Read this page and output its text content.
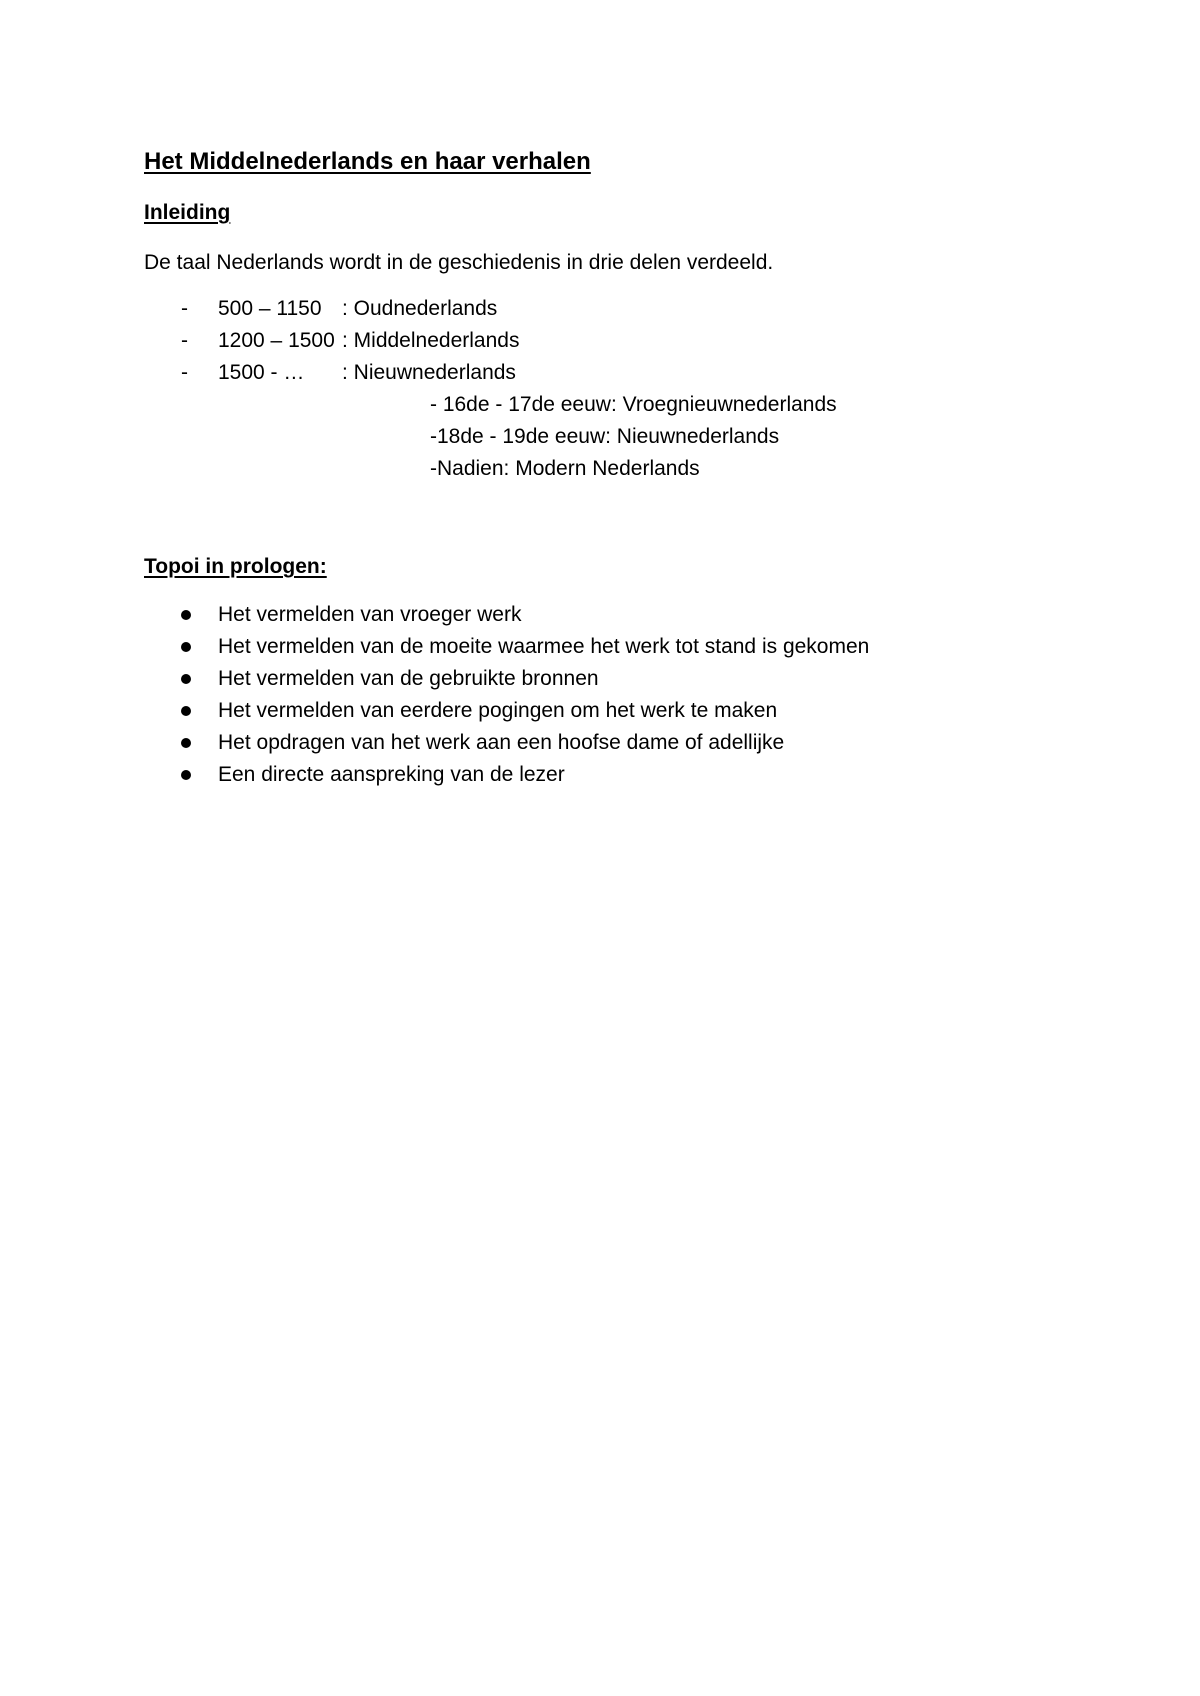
Het Middelnederlands en haar verhalen
Inleiding

De taal Nederlands wordt in de geschiedenis in drie delen verdeeld.

- 500 – 1150 : Oudnederlands
- 1200 – 1500 : Middelnederlands
- 1500 - … : Nieuwnederlands
- 16de - 17de eeuw: Vroegnieuwnederlands
-18de - 19de eeuw: Nieuwnederlands
-Nadien: Modern Nederlands
Topoi in prologen:
Het vermelden van vroeger werk
Het vermelden van de moeite waarmee het werk tot stand is gekomen
Het vermelden van de gebruikte bronnen
Het vermelden van eerdere pogingen om het werk te maken
Het opdragen van het werk aan een hoofse dame of adellijke
Een directe aanspreking van de lezer
